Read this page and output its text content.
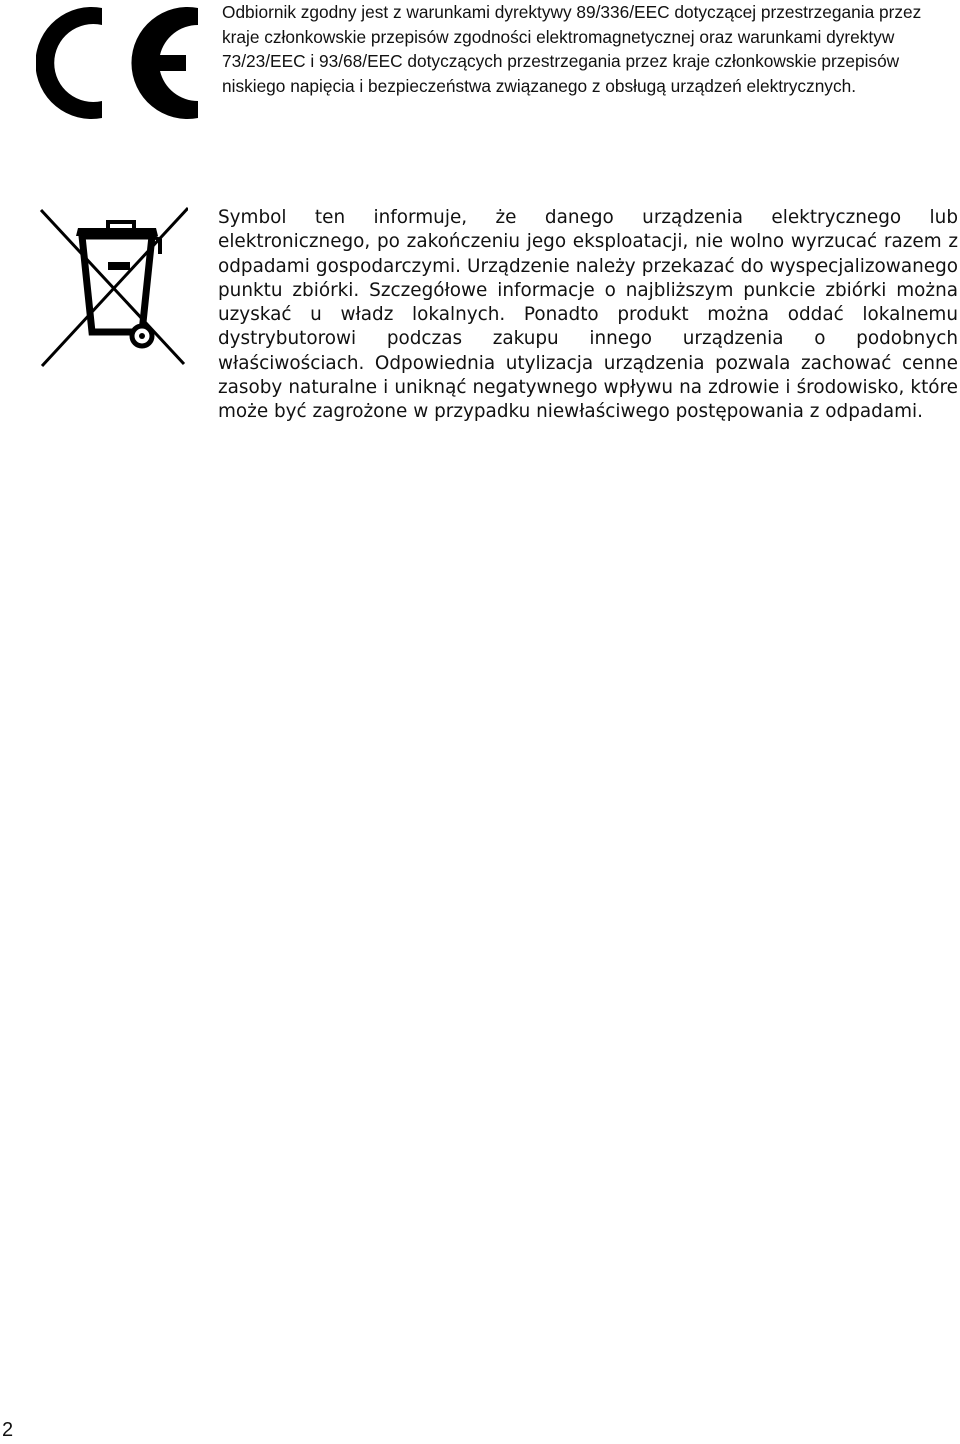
Odbiornik zgodny jest z warunkami dyrektywy 89/336/EEC dotyczącej przestrzegania przez kraje członkowskie przepisów zgodności elektromagnetycznej oraz warunkami dyrektyw 73/23/EEC i 93/68/EEC dotyczących przestrzegania przez kraje członkowskie przepisów niskiego napięcia i bezpieczeństwa związanego z obsługą urządzeń elektrycznych.

Symbol ten informuje, że danego urządzenia elektrycznego lub elektronicznego, po zakończeniu jego eksploatacji, nie wolno wyrzucać razem z odpadami gospodarczymi. Urządzenie należy przekazać do wyspecjalizowanego punktu zbiórki. Szczegółowe informacje o najbliższym punkcie zbiórki można uzyskać u władz lokalnych. Ponadto produkt można oddać lokalnemu dystrybutorowi podczas zakupu innego urządzenia o podobnych właściwościach. Odpowiednia utylizacja urządzenia pozwala zachować cenne zasoby naturalne i uniknąć negatywnego wpływu na zdrowie i środowisko, które może być zagrożone w przypadku niewłaściwego postępowania z odpadami.

2
